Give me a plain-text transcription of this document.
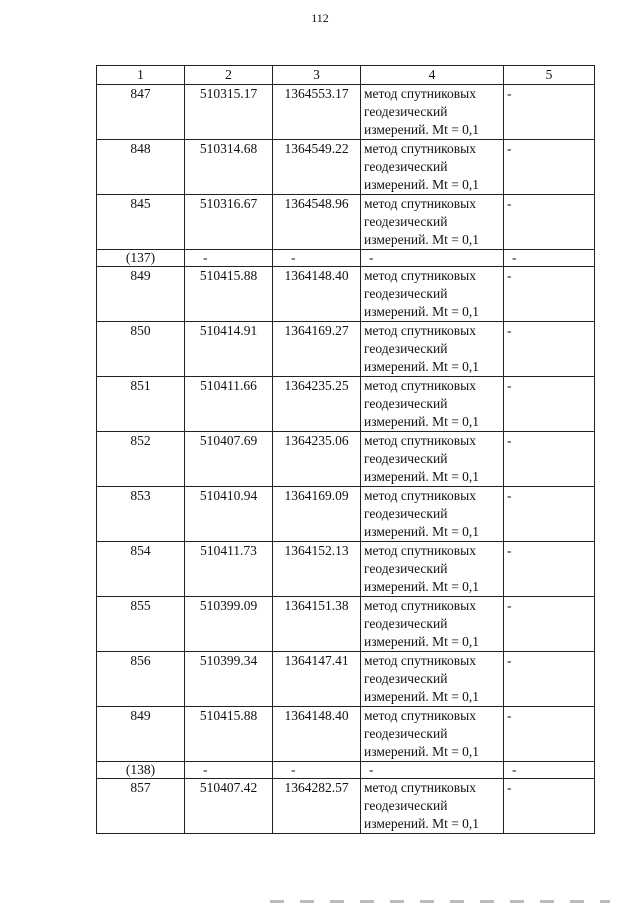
112
1	2	3	4	5
847	510315.17	1364553.17	метод спутниковых геодезический измерений. Mt = 0,1	-
848	510314.68	1364549.22	метод спутниковых геодезический измерений. Mt = 0,1	-
845	510316.67	1364548.96	метод спутниковых геодезический измерений. Mt = 0,1	-
(137)	-	-	-	-
849	510415.88	1364148.40	метод спутниковых геодезический измерений. Mt = 0,1	-
850	510414.91	1364169.27	метод спутниковых геодезический измерений. Mt = 0,1	-
851	510411.66	1364235.25	метод спутниковых геодезический измерений. Mt = 0,1	-
852	510407.69	1364235.06	метод спутниковых геодезический измерений. Mt = 0,1	-
853	510410.94	1364169.09	метод спутниковых геодезический измерений. Mt = 0,1	-
854	510411.73	1364152.13	метод спутниковых геодезический измерений. Mt = 0,1	-
855	510399.09	1364151.38	метод спутниковых геодезический измерений. Mt = 0,1	-
856	510399.34	1364147.41	метод спутниковых геодезический измерений. Mt = 0,1	-
849	510415.88	1364148.40	метод спутниковых геодезический измерений. Mt = 0,1	-
(138)	-	-	-	-
857	510407.42	1364282.57	метод спутниковых геодезический измерений. Mt = 0,1	-
